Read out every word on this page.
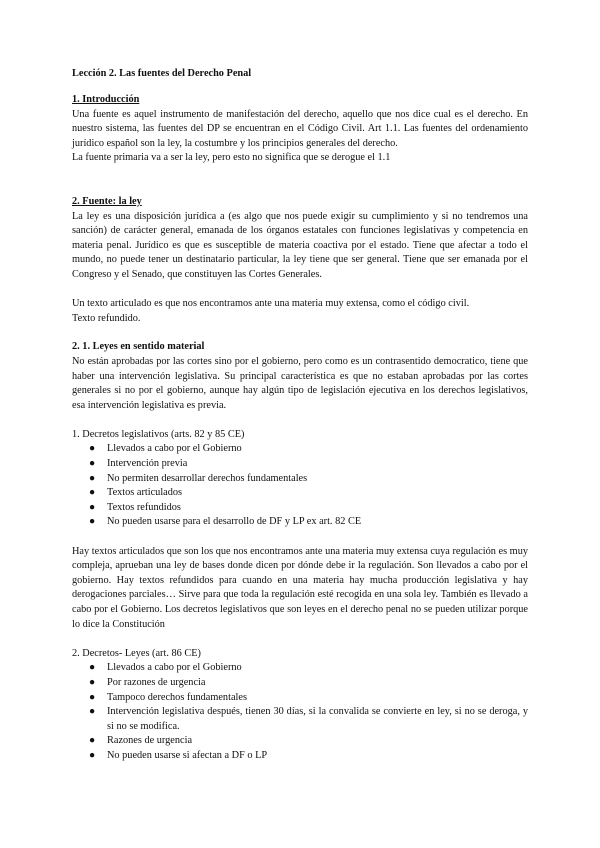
Lección 2. Las fuentes del Derecho Penal

1. Introducción

Una fuente es aquel instrumento de manifestación del derecho, aquello que nos dice cual es el derecho. En nuestro sistema, las fuentes del DP se encuentran en el Código Civil. Art 1.1. Las fuentes del ordenamiento jurídico español son la ley, la costumbre y los principios generales del derecho.

La fuente primaria va a ser la ley, pero esto no significa que se derogue el 1.1

2. Fuente: la ley

La ley es una disposición jurídica a (es algo que nos puede exigir su cumplimiento y si no tendremos una sanción) de carácter general, emanada de los órganos estatales con funciones legislativas y competencia en materia penal. Jurídico es que es susceptible de materia coactiva por el estado. Tiene que afectar a todo el mundo, no puede tener un destinatario particular, la ley tiene que ser general. Tiene que ser emanada por el Congreso y el Senado, que constituyen las Cortes Generales.

Un texto articulado es que nos encontramos ante una materia muy extensa, como el código civil.

Texto refundido.

2. 1. Leyes en sentido material

No están aprobadas por las cortes sino por el gobierno, pero como es un contrasentido democratico, tiene que haber una intervención legislativa. Su principal característica es que no estaban aprobadas por las cortes generales si no por el gobierno, aunque hay algún tipo de legislación ejecutiva en los derechos legislativos, esa intervención legislativa es previa.

1. Decretos legislativos (arts. 82 y 85 CE)

● Llevados a cabo por el Gobierno
● Intervención previa
● No permiten desarrollar derechos fundamentales
● Textos articulados
● Textos refundidos
● No pueden usarse para el desarrollo de DF y LP ex art. 82 CE

Hay textos articulados que son los que nos encontramos ante una materia muy extensa cuya regulación es muy compleja, aprueban una ley de bases donde dicen por dónde debe ir la regulación. Son llevados a cabo por el gobierno. Hay textos refundidos para cuando en una materia hay mucha producción legislativa y hay derogaciones parciales… Sirve para que toda la regulación esté recogida en una sola ley. También es llevado a cabo por el Gobierno. Los decretos legislativos que son leyes en el derecho penal no se pueden utilizar porque lo dice la Constitución

2. Decretos- Leyes (art. 86 CE)

● Llevados a cabo por el Gobierno
● Por razones de urgencia
● Tampoco derechos fundamentales
● Intervención legislativa después, tienen 30 días, si la convalida se convierte en ley, si no se deroga, y si no se modifica.
● Razones de urgencia
● No pueden usarse si afectan a DF o LP
